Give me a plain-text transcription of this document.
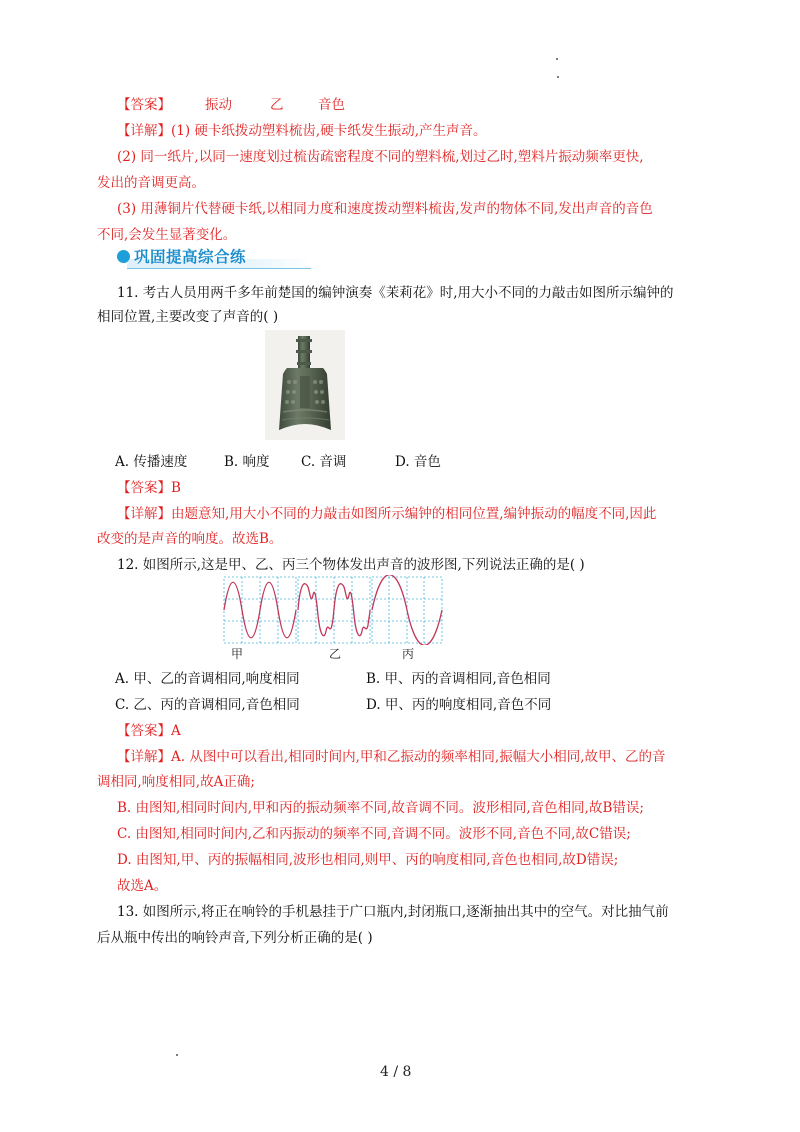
【答案】	振动	乙	音色
【详解】(1) 硬卡纸拨动塑料梳齿,硬卡纸发生振动,产生声音。
(2) 同一纸片,以同一速度划过梳齿疏密程度不同的塑料梳,划过乙时,塑料片振动频率更快,
发出的音调更高。
(3) 用薄铜片代替硬卡纸,以相同力度和速度拨动塑料梳齿,发声的物体不同,发出声音的音色
不同,会发生显著变化。
巩固提高综合练
11. 考古人员用两千多年前楚国的编钟演奏《茉莉花》时,用大小不同的力敲击如图所示编钟的
相同位置,主要改变了声音的( )
A. 传播速度	B. 响度 C. 音调	D. 音色
【答案】B
【详解】由题意知,用大小不同的力敲击如图所示编钟的相同位置,编钟振动的幅度不同,因此
改变的是声音的响度。故选B。
12. 如图所示,这是甲、乙、丙三个物体发出声音的波形图,下列说法正确的是( )
甲	乙	丙
A. 甲、乙的音调相同,响度相同	B. 甲、丙的音调相同,音色相同
C. 乙、丙的音调相同,音色相同	D. 甲、丙的响度相同,音色不同
【答案】A
【详解】A. 从图中可以看出,相同时间内,甲和乙振动的频率相同,振幅大小相同,故甲、乙的音
调相同,响度相同,故A正确;
B. 由图知,相同时间内,甲和丙的振动频率不同,故音调不同。波形相同,音色相同,故B错误;
C. 由图知,相同时间内,乙和丙振动的频率不同,音调不同。波形不同,音色不同,故C错误;
D. 由图知,甲、丙的振幅相同,波形也相同,则甲、丙的响度相同,音色也相同,故D错误;
故选A。
13. 如图所示,将正在响铃的手机悬挂于广口瓶内,封闭瓶口,逐渐抽出其中的空气。对比抽气前
后从瓶中传出的响铃声音,下列分析正确的是( )
4 / 8
